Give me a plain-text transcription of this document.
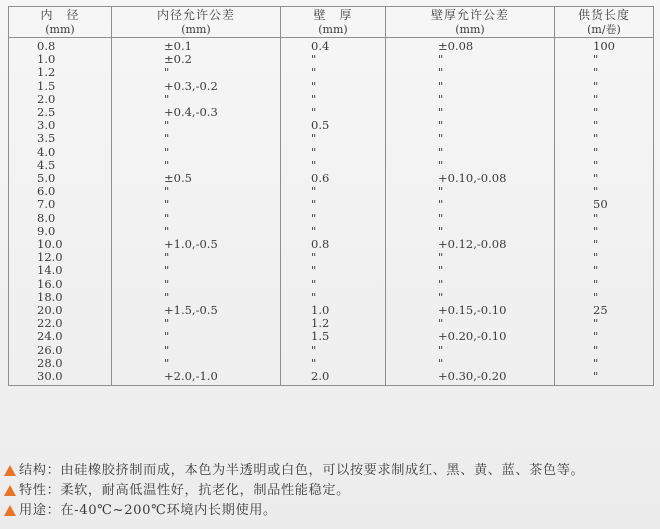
内　径	内径允许公差	壁　厚	壁厚允许公差	供货长度
(mm)	(mm)	(mm)	(mm)	(m/卷)
0.8	±0.1	0.4	±0.08	100
1.0	±0.2	"	"	"
1.2	"	"	"	"
1.5	+0.3,-0.2	"	"	"
2.0	"	"	"	"
2.5	+0.4,-0.3	"	"	"
3.0	"	0.5	"	"
3.5	"	"	"	"
4.0	"	"	"	"
4.5	"	"	"	"
5.0	±0.5	0.6	+0.10,-0.08	"
6.0	"	"	"	"
7.0	"	"	"	50
8.0	"	"	"	"
9.0	"	"	"	"
10.0	+1.0,-0.5	0.8	+0.12,-0.08	"
12.0	"	"	"	"
14.0	"	"	"	"
16.0	"	"	"	"
18.0	"	"	"	"
20.0	+1.5,-0.5	1.0	+0.15,-0.10	25
22.0	"	1.2	"	"
24.0	"	1.5	+0.20,-0.10	"
26.0	"	"	"	"
28.0	"	"	"	"
30.0	+2.0,-1.0	2.0	+0.30,-0.20	"
结构：由硅橡胶挤制而成，本色为半透明或白色，可以按要求制成红、黑、黄、蓝、茶色等。
特性：柔软，耐高低温性好，抗老化，制品性能稳定。
用途：在-40℃~200℃环境内长期使用。
